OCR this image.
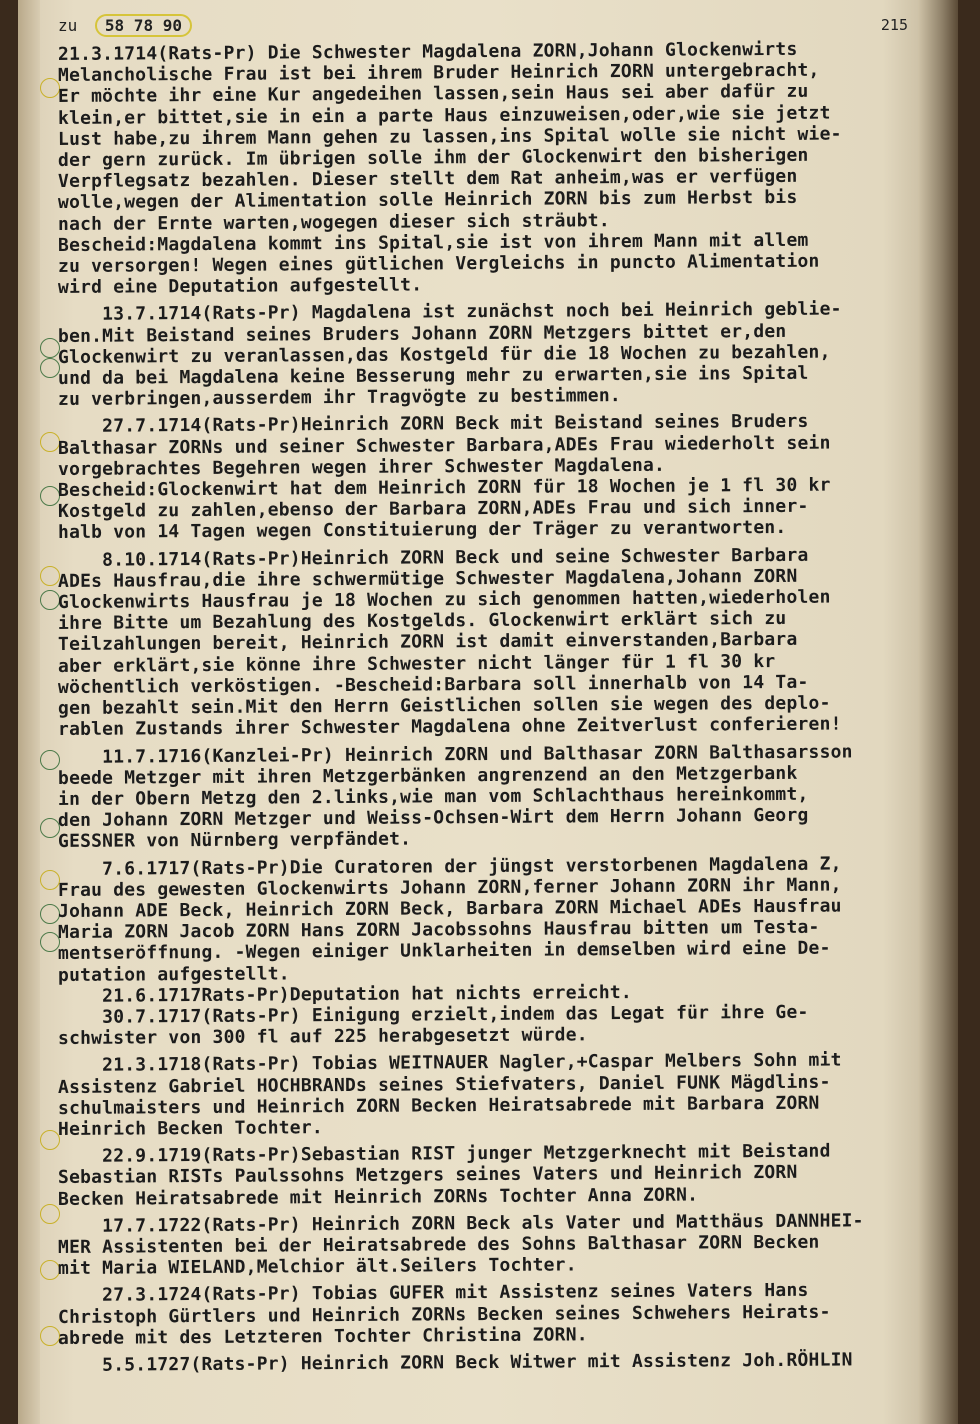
zu 58 78 90	215
21.3.1714(Rats-Pr) Die Schwester Magdalena ZORN,Johann Glockenwirts
Melancholische Frau ist bei ihrem Bruder Heinrich ZORN untergebracht,
Er möchte ihr eine Kur angedeihen lassen,sein Haus sei aber dafür zu
klein,er bittet,sie in ein a parte Haus einzuweisen,oder,wie sie jetzt
Lust habe,zu ihrem Mann gehen zu lassen,ins Spital wolle sie nicht wie-
der gern zurück. Im übrigen solle ihm der Glockenwirt den bisherigen
Verpflegsatz bezahlen. Dieser stellt dem Rat anheim,was er verfügen
wolle,wegen der Alimentation solle Heinrich ZORN bis zum Herbst bis
nach der Ernte warten,wogegen dieser sich sträubt.
Bescheid:Magdalena kommt ins Spital,sie ist von ihrem Mann mit allem
zu versorgen! Wegen eines gütlichen Vergleichs in puncto Alimentation
wird eine Deputation aufgestellt.
13.7.1714(Rats-Pr) Magdalena ist zunächst noch bei Heinrich geblie-
ben.Mit Beistand seines Bruders Johann ZORN Metzgers bittet er,den
Glockenwirt zu veranlassen,das Kostgeld für die 18 Wochen zu bezahlen,
und da bei Magdalena keine Besserung mehr zu erwarten,sie ins Spital
zu verbringen,ausserdem ihr Tragvögte zu bestimmen.
27.7.1714(Rats-Pr)Heinrich ZORN Beck mit Beistand seines Bruders
Balthasar ZORNs und seiner Schwester Barbara,ADEs Frau wiederholt sein
vorgebrachtes Begehren wegen ihrer Schwester Magdalena.
Bescheid:Glockenwirt hat dem Heinrich ZORN für 18 Wochen je 1 fl 30 kr
Kostgeld zu zahlen,ebenso der Barbara ZORN,ADEs Frau und sich inner-
halb von 14 Tagen wegen Constituierung der Träger zu verantworten.
8.10.1714(Rats-Pr)Heinrich ZORN Beck und seine Schwester Barbara
ADEs Hausfrau,die ihre schwermütige Schwester Magdalena,Johann ZORN
Glockenwirts Hausfrau je 18 Wochen zu sich genommen hatten,wiederholen
ihre Bitte um Bezahlung des Kostgelds. Glockenwirt erklärt sich zu
Teilzahlungen bereit, Heinrich ZORN ist damit einverstanden,Barbara
aber erklärt,sie könne ihre Schwester nicht länger für 1 fl 30 kr
wöchentlich verköstigen. -Bescheid:Barbara soll innerhalb von 14 Ta-
gen bezahlt sein.Mit den Herrn Geistlichen sollen sie wegen des deplo-
rablen Zustands ihrer Schwester Magdalena ohne Zeitverlust conferieren!
11.7.1716(Kanzlei-Pr) Heinrich ZORN und Balthasar ZORN Balthasarsson
beede Metzger mit ihren Metzgerbänken angrenzend an den Metzgerbank
in der Obern Metzg den 2.links,wie man vom Schlachthaus hereinkommt,
den Johann ZORN Metzger und Weiss-Ochsen-Wirt dem Herrn Johann Georg
GESSNER von Nürnberg verpfändet.
7.6.1717(Rats-Pr)Die Curatoren der jüngst verstorbenen Magdalena Z,
Frau des gewesten Glockenwirts Johann ZORN,ferner Johann ZORN ihr Mann,
Johann ADE Beck, Heinrich ZORN Beck, Barbara ZORN Michael ADEs Hausfrau
Maria ZORN Jacob ZORN Hans ZORN Jacobssohns Hausfrau bitten um Testa-
mentseröffnung. -Wegen einiger Unklarheiten in demselben wird eine De-
putation aufgestellt.
21.6.1717Rats-Pr)Deputation hat nichts erreicht.
30.7.1717(Rats-Pr) Einigung erzielt,indem das Legat für ihre Ge-
schwister von 300 fl auf 225 herabgesetzt würde.
21.3.1718(Rats-Pr) Tobias WEITNAUER Nagler,+Caspar Melbers Sohn mit
Assistenz Gabriel HOCHBRANDs seines Stiefvaters, Daniel FUNK Mägdlins-
schulmaisters und Heinrich ZORN Becken Heiratsabrede mit Barbara ZORN
Heinrich Becken Tochter.
22.9.1719(Rats-Pr)Sebastian RIST junger Metzgerknecht mit Beistand
Sebastian RISTs Paulssohns Metzgers seines Vaters und Heinrich ZORN
Becken Heiratsabrede mit Heinrich ZORNs Tochter Anna ZORN.
17.7.1722(Rats-Pr) Heinrich ZORN Beck als Vater und Matthäus DANNHEI-
MER Assistenten bei der Heiratsabrede des Sohns Balthasar ZORN Becken
mit Maria WIELAND,Melchior ält.Seilers Tochter.
27.3.1724(Rats-Pr) Tobias GUFER mit Assistenz seines Vaters Hans
Christoph Gürtlers und Heinrich ZORNs Becken seines Schwehers Heirats-
abrede mit des Letzteren Tochter Christina ZORN.
5.5.1727(Rats-Pr) Heinrich ZORN Beck Witwer mit Assistenz Joh.RÖHLIN
